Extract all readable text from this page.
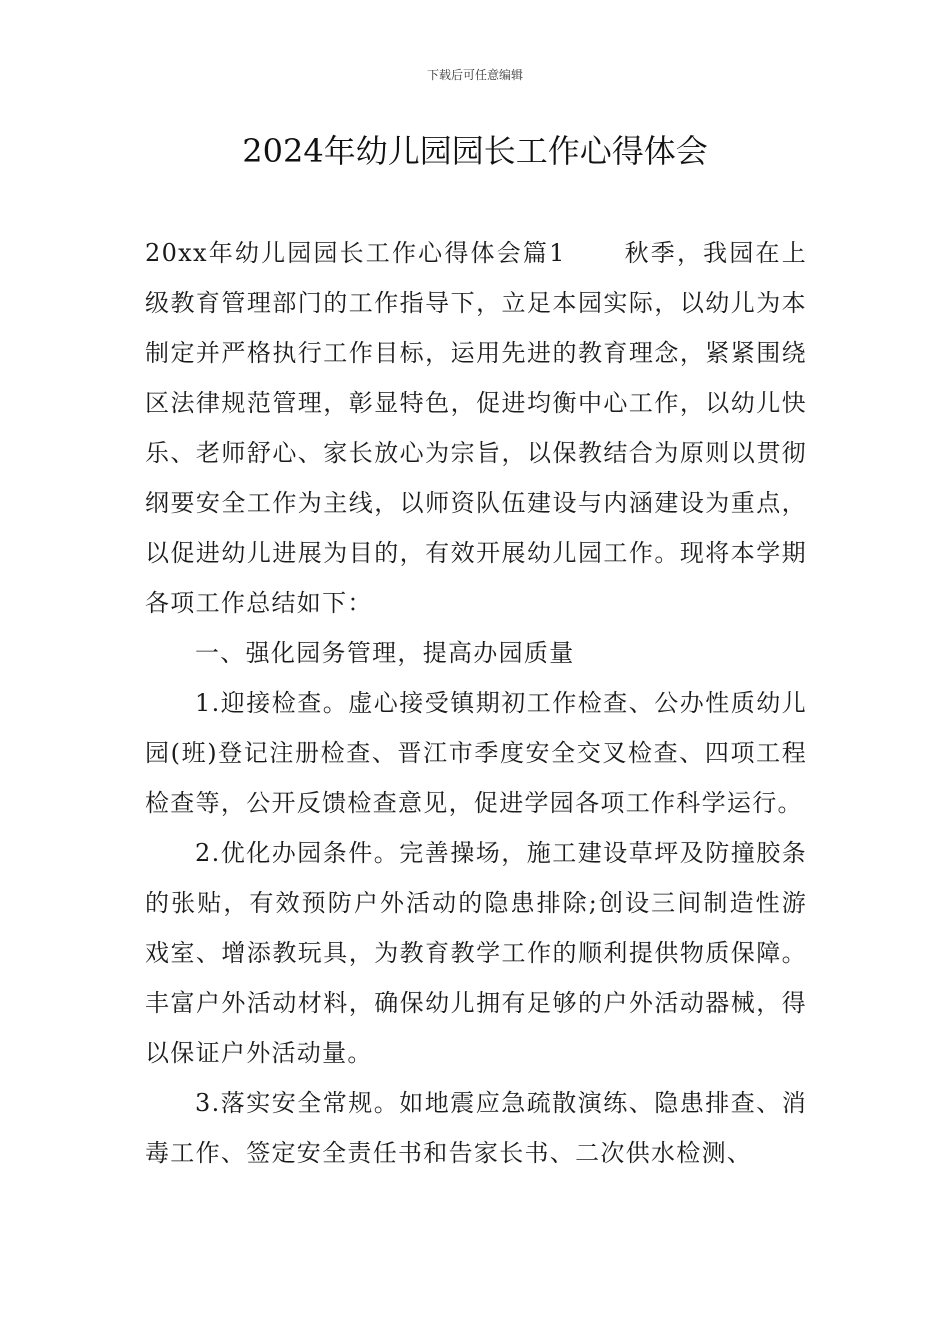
下载后可任意编辑
2024年幼儿园园长工作心得体会

20xx年幼儿园园长工作心得体会篇1 秋季，我园在上级教育管理部门的工作指导下，立足本园实际，以幼儿为本制定并严格执行工作目标，运用先进的教育理念，紧紧围绕区法律规范管理，彰显特色，促进均衡中心工作，以幼儿快乐、老师舒心、家长放心为宗旨，以保教结合为原则以贯彻纲要安全工作为主线，以师资队伍建设与内涵建设为重点，以促进幼儿进展为目的，有效开展幼儿园工作。现将本学期各项工作总结如下：

一、强化园务管理，提高办园质量

1.迎接检查。虚心接受镇期初工作检查、公办性质幼儿园(班)登记注册检查、晋江市季度安全交叉检查、四项工程检查等，公开反馈检查意见，促进学园各项工作科学运行。

2.优化办园条件。完善操场，施工建设草坪及防撞胶条的张贴，有效预防户外活动的隐患排除;创设三间制造性游戏室、增添教玩具，为教育教学工作的顺利提供物质保障。丰富户外活动材料，确保幼儿拥有足够的户外活动器械，得以保证户外活动量。

3.落实安全常规。如地震应急疏散演练、隐患排查、消毒工作、签定安全责任书和告家长书、二次供水检测、
